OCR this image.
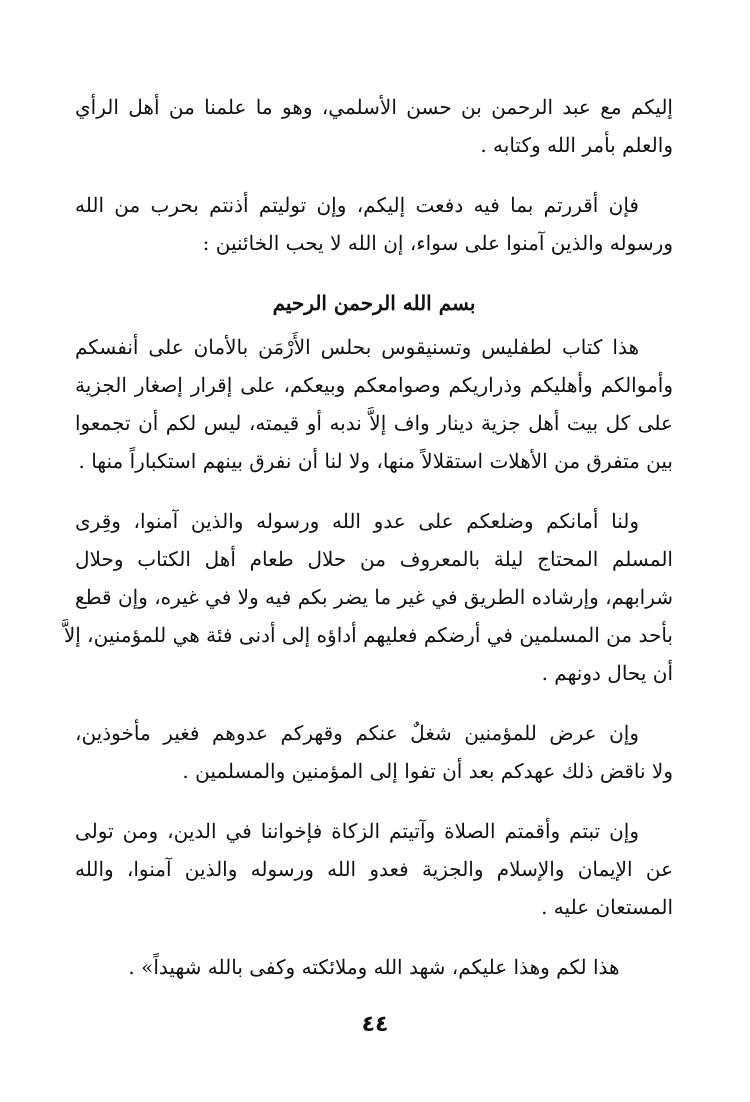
إليكم مع عبد الرحمن بن حسن الأسلمي، وهو ما علمنا من أهل الرأي
والعلم بأمر الله وكتابه .

فإن أقررتم بما فيه دفعت إليكم، وإن توليتم أذنتم بحرب من الله
ورسوله والذين آمنوا على سواء، إن الله لا يحب الخائنين :

بسم الله الرحمن الرحيم

هذا كتاب لطفليس وتسنيقوس بحلس الأَرْمَن بالأمان على أنفسكم
وأموالكم وأهليكم وذراريكم وصوامعكم وبيعكم، على إقرار إصغار الجزية
على كل بيت أهل جزية دينار واف إلاَّ ندبه أو قيمته، ليس لكم أن تجمعوا
بين متفرق من الأهلات استقلالاً منها، ولا لنا أن نفرق بينهم استكباراً منها .

ولنا أمانكم وضلعكم على عدو الله ورسوله والذين آمنوا، وقِرى
المسلم المحتاج ليلة بالمعروف من حلال طعام أهل الكتاب وحلال
شرابهم، وإرشاده الطريق في غير ما يضر بكم فيه ولا في غيره، وإن قطع
بأحد من المسلمين في أرضكم فعليهم أداؤه إلى أدنى فئة هي للمؤمنين، إلاَّ
أن يحال دونهم .

وإن عرض للمؤمنين شغلٌ عنكم وقهركم عدوهم فغير مأخوذين،
ولا ناقض ذلك عهدكم بعد أن تفوا إلى المؤمنين والمسلمين .

وإن تبتم وأقمتم الصلاة وآتيتم الزكاة فإخواننا في الدين، ومن تولى
عن الإيمان والإسلام والجزية فعدو الله ورسوله والذين آمنوا، والله
المستعان عليه .

هذا لكم وهذا عليكم، شهد الله وملائكته وكفى بالله شهيداً» .

٤٤
